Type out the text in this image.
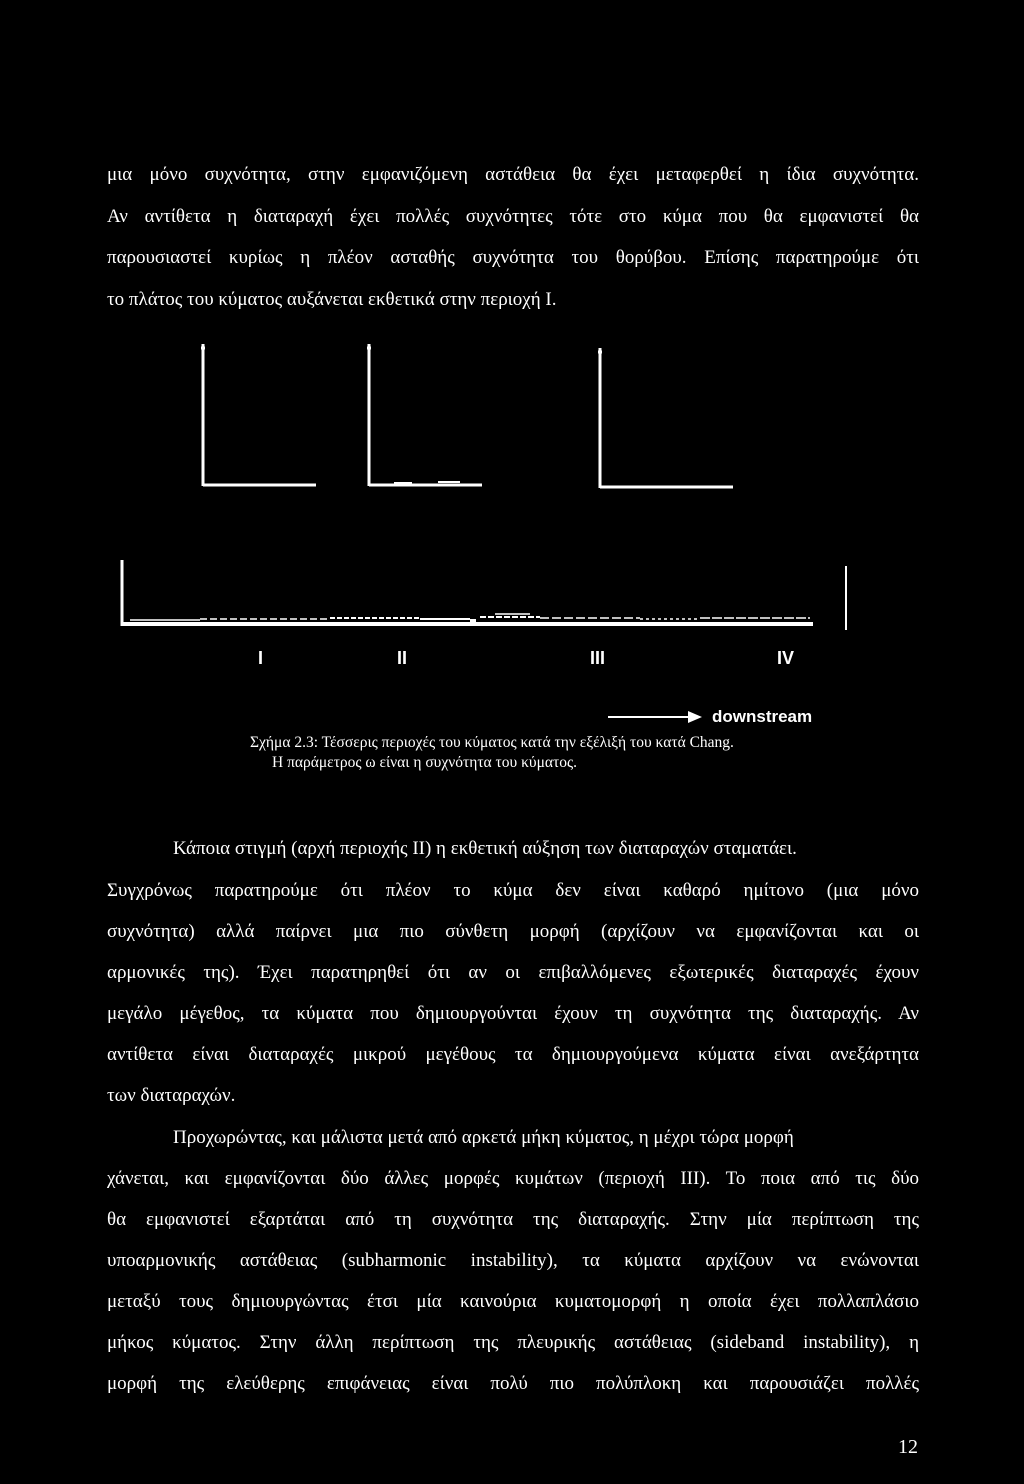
μια μόνο συχνότητα, στην εμφανιζόμενη αστάθεια θα έχει μεταφερθεί η ίδια συχνότητα.
Αν αντίθετα η διαταραχή έχει πολλές συχνότητες τότε στο κύμα που θα εμφανιστεί θα
παρουσιαστεί κυρίως η πλέον ασταθής συχνότητα του θορύβου. Επίσης παρατηρούμε ότι
το πλάτος του κύματος αυξάνεται εκθετικά στην περιοχή I.
I	II	III	IV
downstream
Σχήμα 2.3: Τέσσερις περιοχές του κύματος κατά την εξέλιξή του κατά Chang.
Η παράμετρος ω είναι η συχνότητα του κύματος.
Κάποια στιγμή (αρχή περιοχής II) η εκθετική αύξηση των διαταραχών σταματάει.
Συγχρόνως παρατηρούμε ότι πλέον το κύμα δεν είναι καθαρό ημίτονο (μια μόνο
συχνότητα) αλλά παίρνει μια πιο σύνθετη μορφή (αρχίζουν να εμφανίζονται και οι
αρμονικές της). Έχει παρατηρηθεί ότι αν οι επιβαλλόμενες εξωτερικές διαταραχές έχουν
μεγάλο μέγεθος, τα κύματα που δημιουργούνται έχουν τη συχνότητα της διαταραχής. Αν
αντίθετα είναι διαταραχές μικρού μεγέθους τα δημιουργούμενα κύματα είναι ανεξάρτητα
των διαταραχών.
Προχωρώντας, και μάλιστα μετά από αρκετά μήκη κύματος, η μέχρι τώρα μορφή
χάνεται, και εμφανίζονται δύο άλλες μορφές κυμάτων (περιοχή III). Το ποια από τις δύο
θα εμφανιστεί εξαρτάται από τη συχνότητα της διαταραχής. Στην μία περίπτωση της
υποαρμονικής αστάθειας (subharmonic instability), τα κύματα αρχίζουν να ενώνονται
μεταξύ τους δημιουργώντας έτσι μία καινούρια κυματομορφή η οποία έχει πολλαπλάσιο
μήκος κύματος. Στην άλλη περίπτωση της πλευρικής αστάθειας (sideband instability), η
μορφή της ελεύθερης επιφάνειας είναι πολύ πιο πολύπλοκη και παρουσιάζει πολλές
12
